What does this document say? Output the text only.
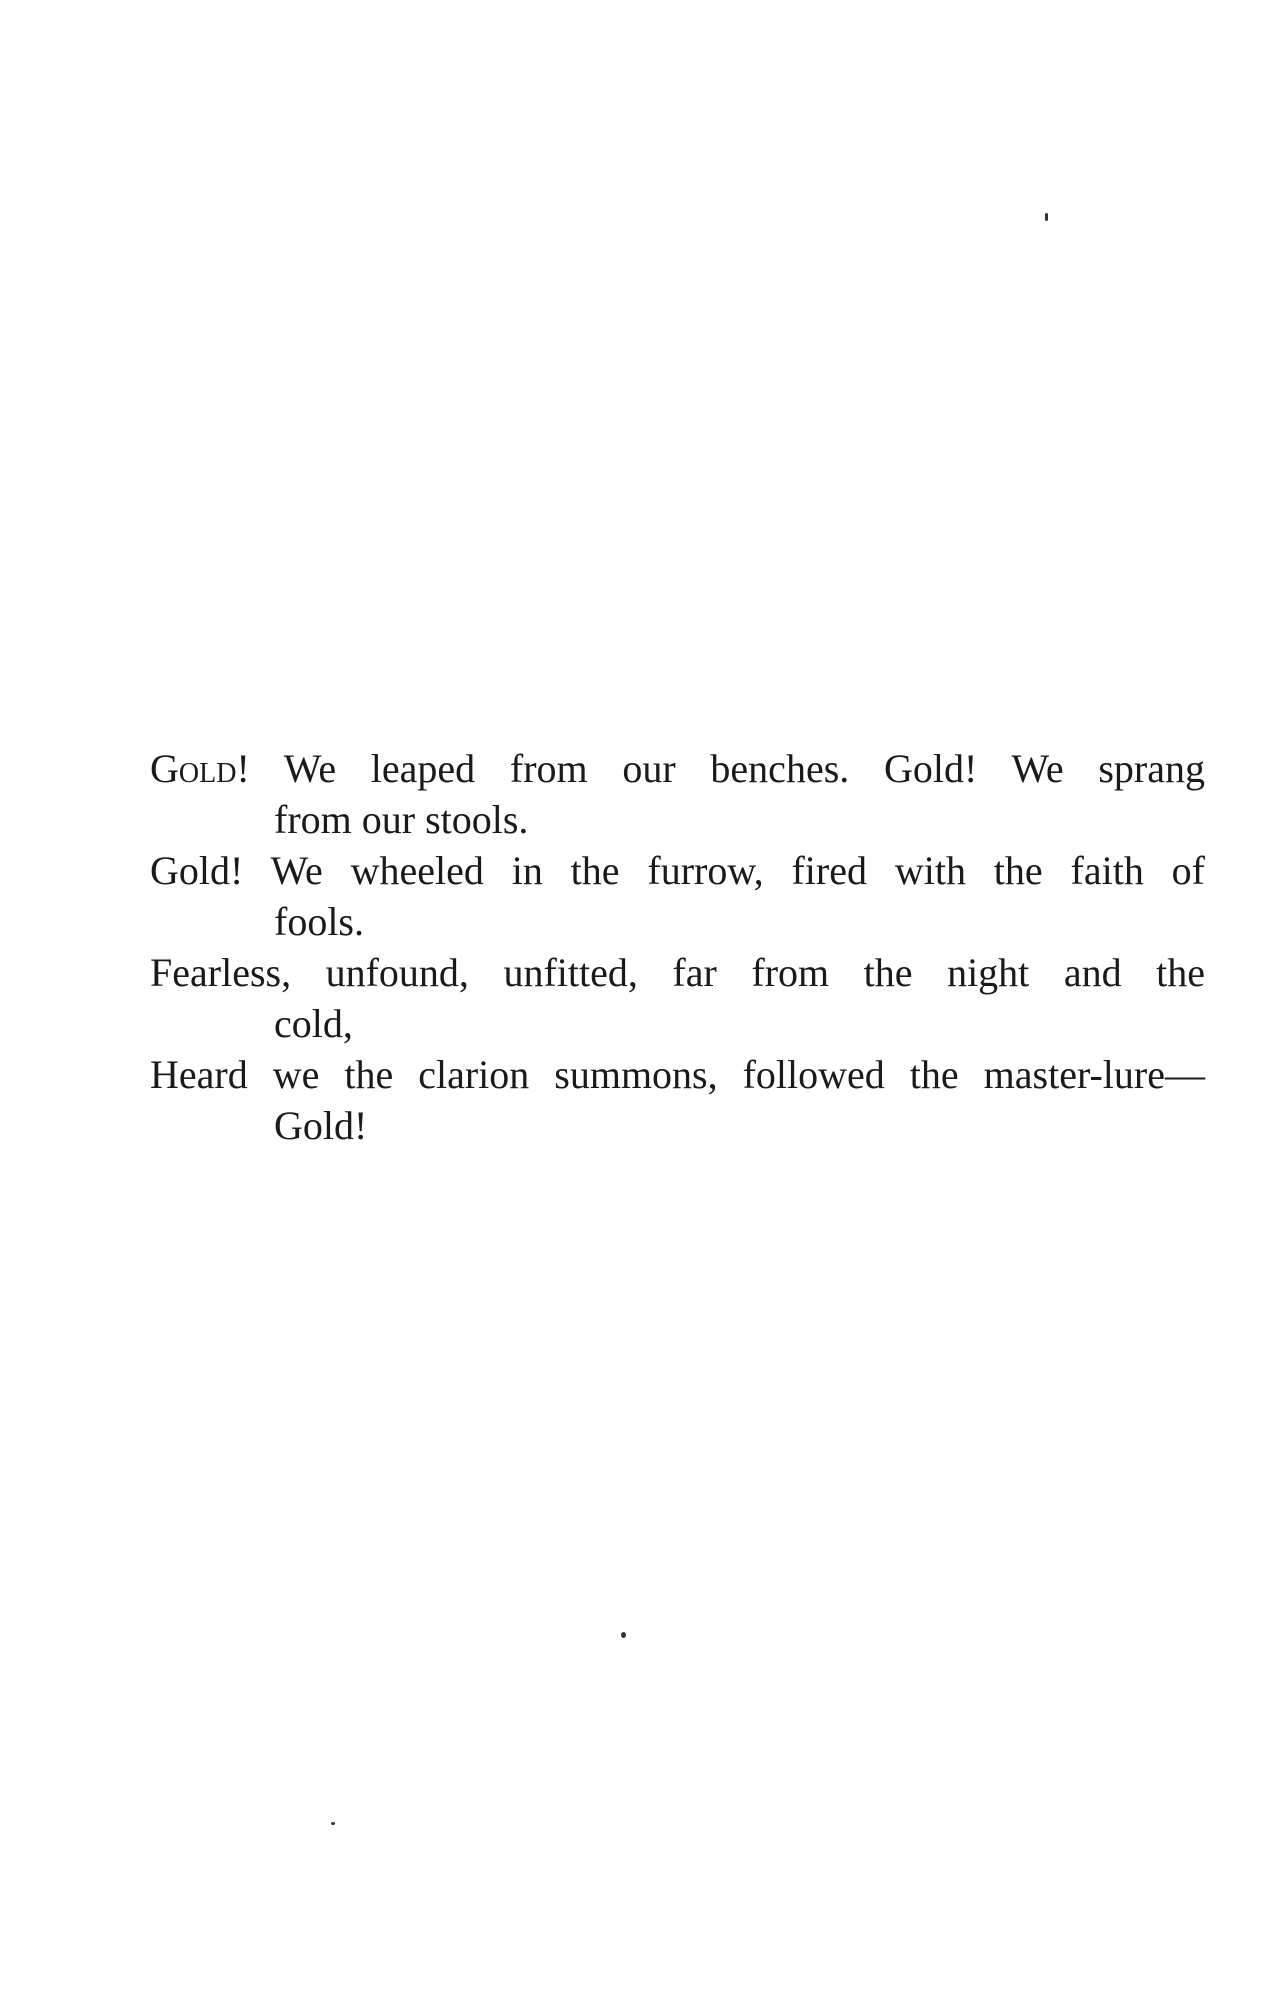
Gold! We leaped from our benches. Gold! We sprang
from our stools.

Gold! We wheeled in the furrow, fired with the faith of
fools.

Fearless, unfound, unfitted, far from the night and the
cold,

Heard we the clarion summons, followed the master-lure—
Gold!
